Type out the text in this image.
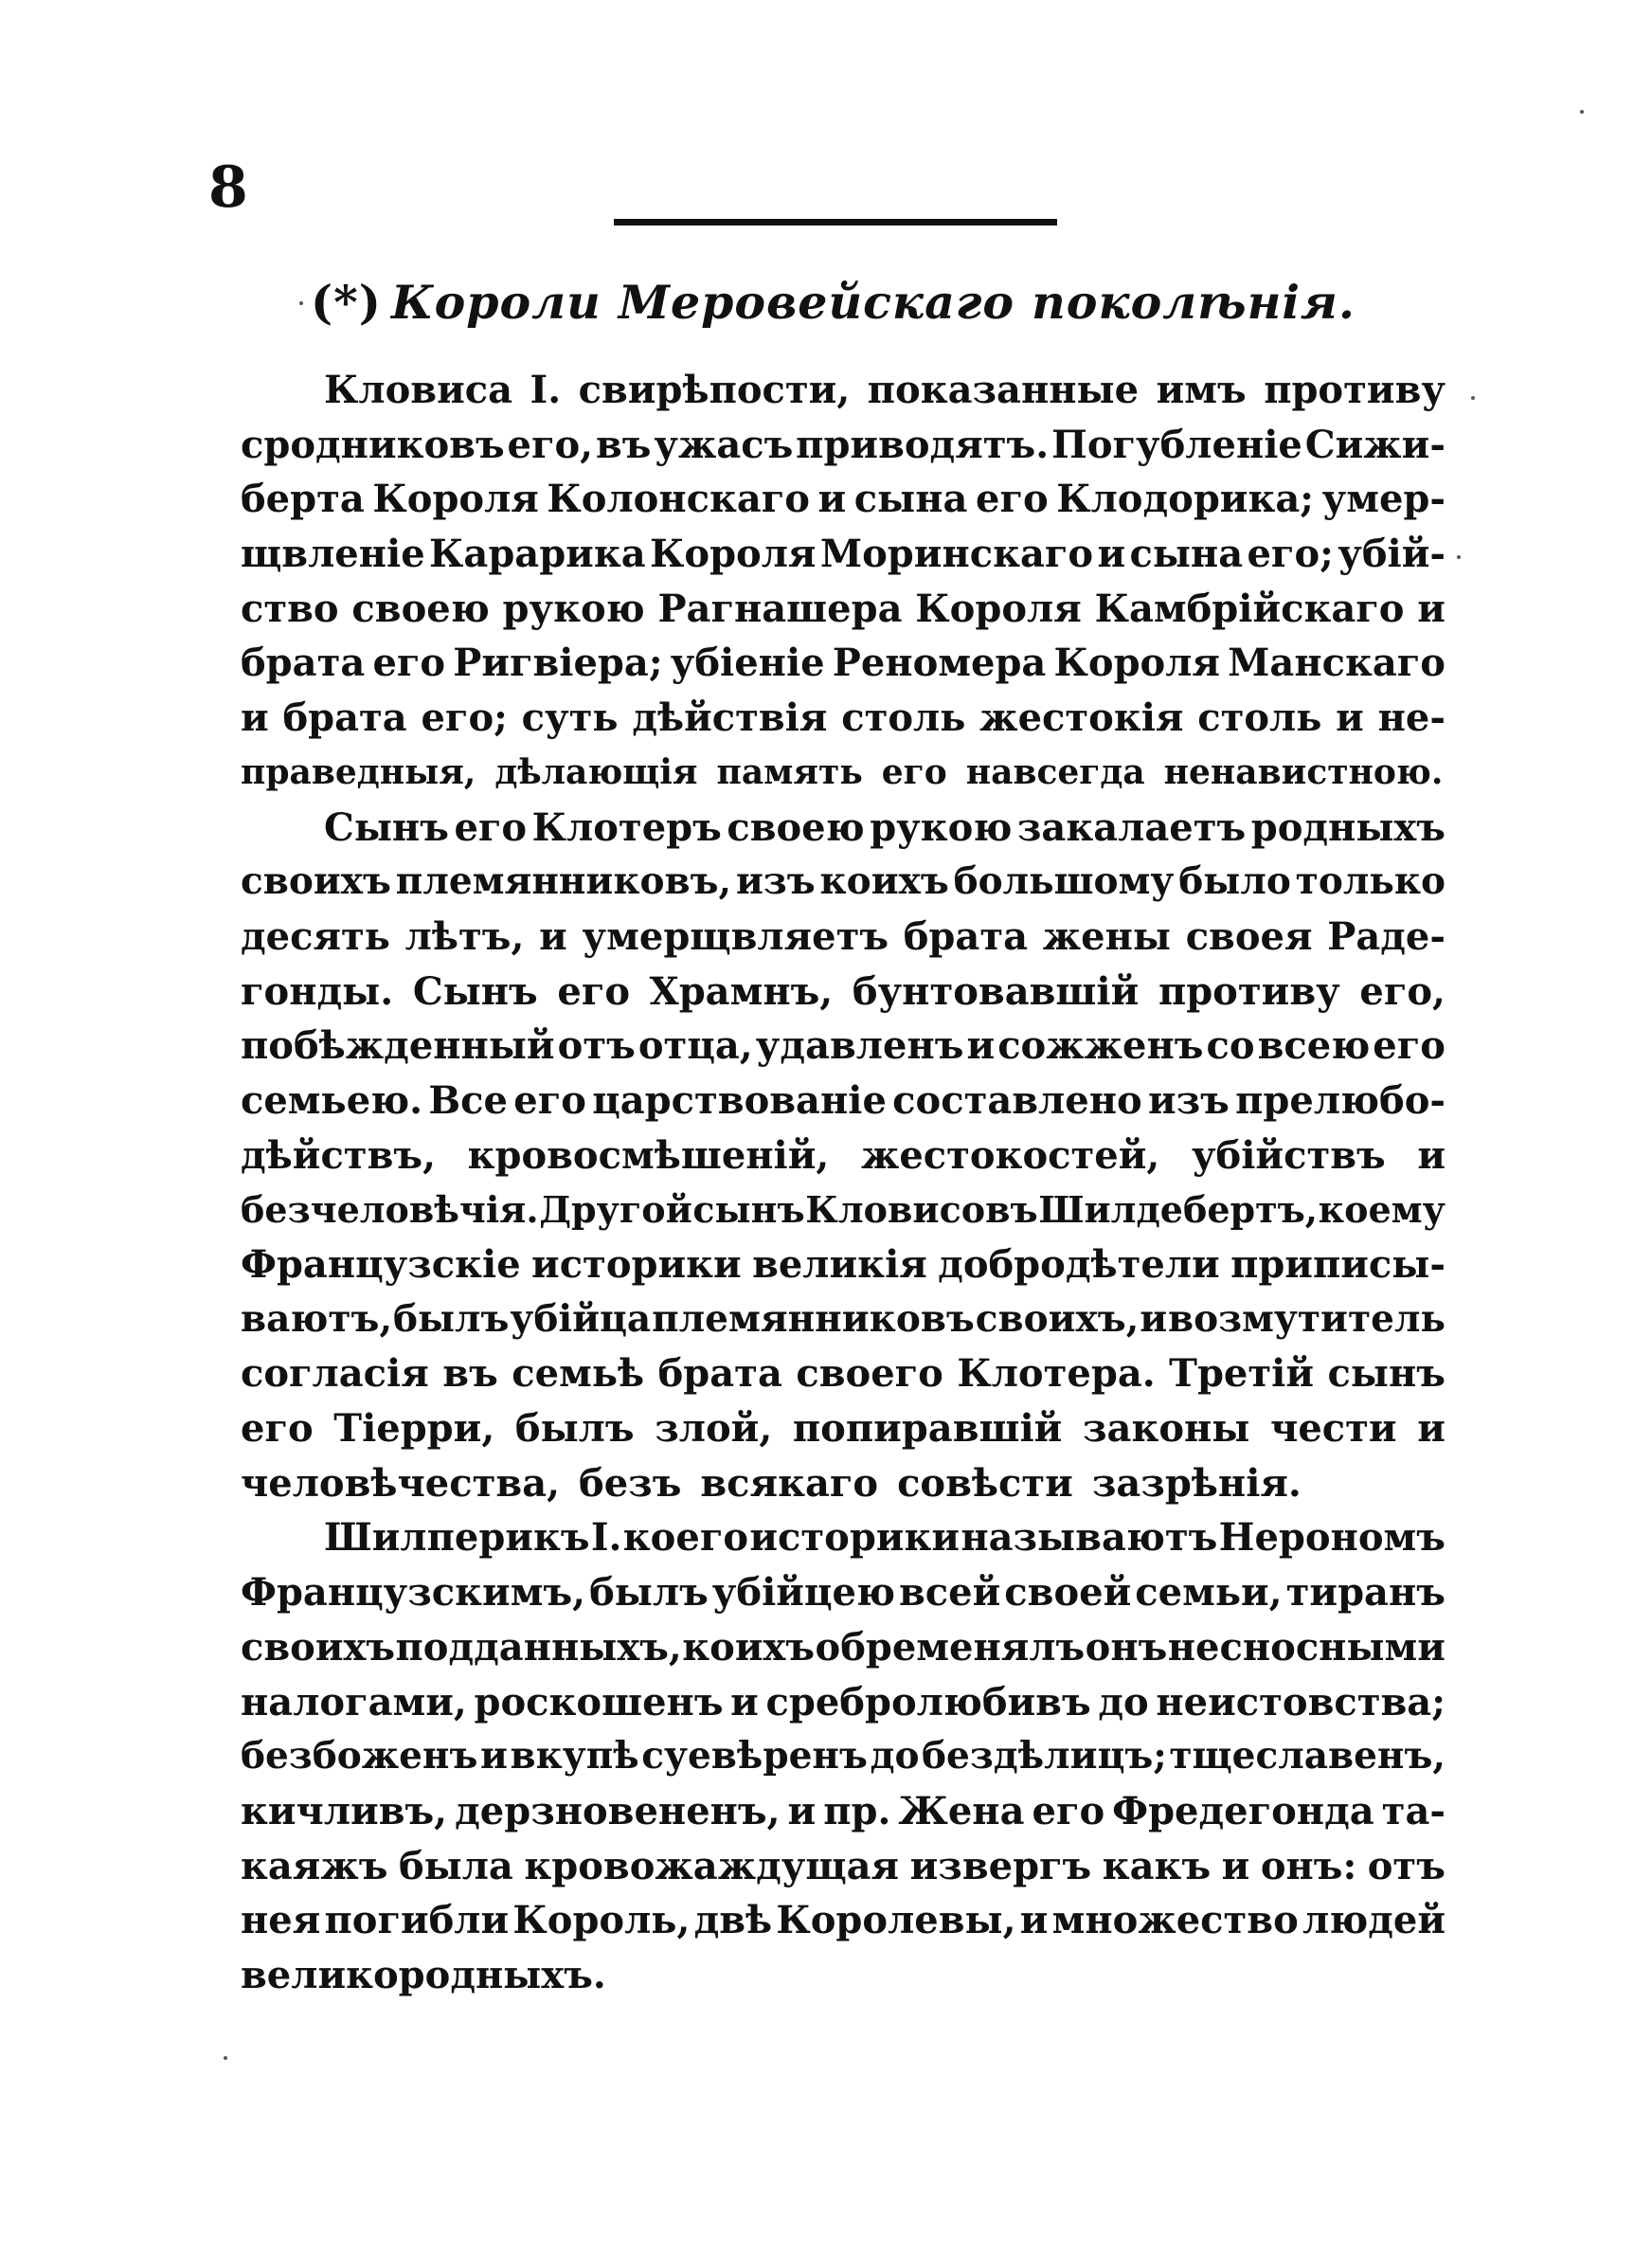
8
(*) Короли Меровейскаго поколѣнія.
Кловиса I. свирѣпости, показанные имъ противу
сродниковъ его, въ ужасъ приводятъ. Погубленіе Сижи-
берта Короля Колонскаго и сына его Клодорика; умер-
щвленіе Карарика Короля Моринскаго и сына его; убій-
ство своею рукою Рагнашера Короля Камбрійскаго и
брата его Ригвіера; убіеніе Реномера Короля Манскаго
и брата его; суть дѣйствія столь жестокія столь и не-
праведныя, дѣлающія память его навсегда ненавистною.
Сынъ его Клотеръ своею рукою закалаетъ родныхъ
своихъ племянниковъ, изъ коихъ большому было только
десять лѣтъ, и умерщвляетъ брата жены своея Раде-
гонды. Сынъ его Храмнъ, бунтовавшій противу его,
побѣжденный отъ отца, удавленъ и сожженъ со всею его
семьею. Все его царствованіе составлено изъ прелюбо-
дѣйствъ, кровосмѣшеній, жестокостей, убійствъ и
безчеловѣчія. Другой сынъ Кловисовъ Шилдебертъ, коему
Французскіе историки великія добродѣтели приписы-
ваютъ, былъ убійца племянниковъ своихъ, и возмутитель
согласія въ семьѣ брата своего Клотера. Третій сынъ
его Тіерри, былъ злой, попиравшій законы чести и
человѣчества, безъ всякаго совѣсти зазрѣнія.
Шилперикъ I. коего историки называютъ Нерономъ
Французскимъ, былъ убійцею всей своей семьи, тиранъ
своихъ подданныхъ, коихъ обременялъ онъ несносными
налогами, роскошенъ и сребролюбивъ до неистовства;
безбоженъ и вкупѣ суевѣренъ до бездѣлицъ; тщеславенъ,
кичливъ, дерзновененъ, и пр. Жена его Фредегонда та-
каяжъ была кровожаждущая извергъ какъ и онъ: отъ
нея погибли Король, двѣ Королевы, и множество людей
великородныхъ.
